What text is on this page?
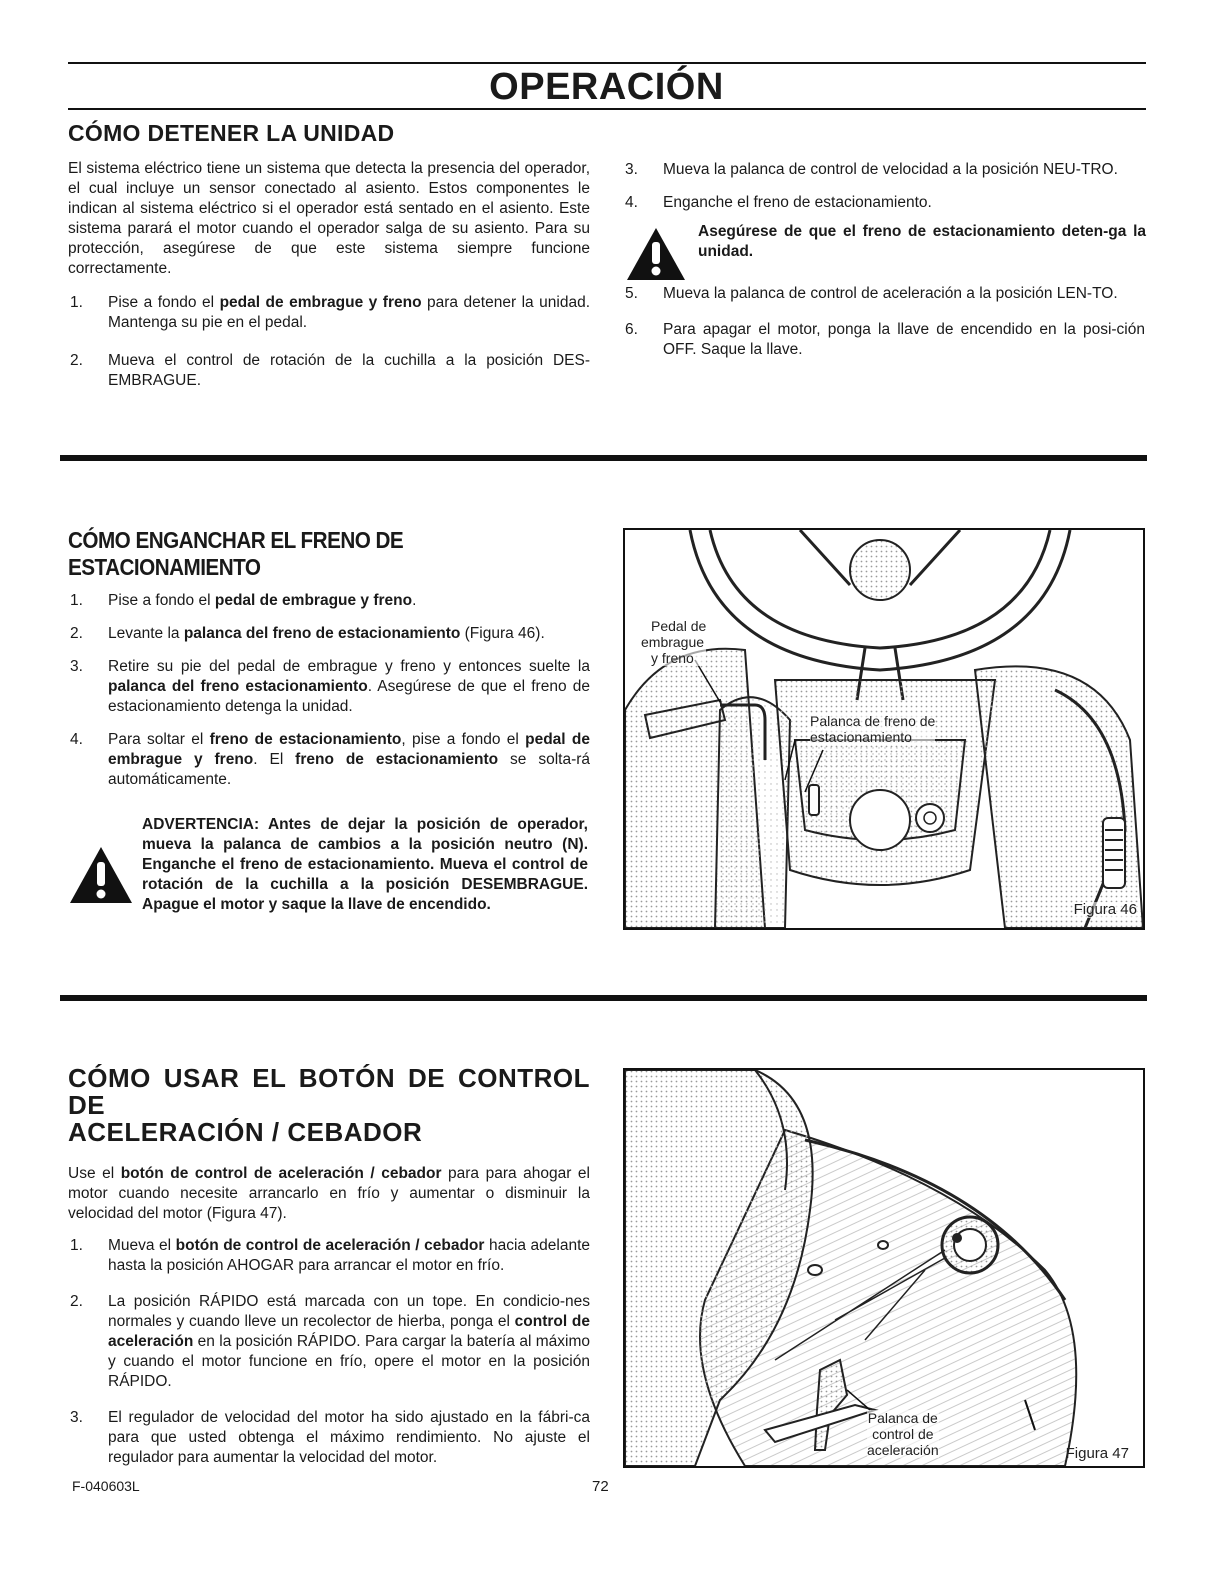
OPERACIÓN
CÓMO DETENER LA UNIDAD

El sistema eléctrico tiene un sistema que detecta la presencia del operador, el cual incluye un sensor conectado al asiento. Estos componentes le indican al sistema eléctrico si el operador está sentado en el asiento. Este sistema parará el motor cuando el operador salga de su asiento. Para su protección, asegúrese de que este sistema siempre funcione correctamente.

1. Pise a fondo el pedal de embrague y freno para detener la unidad. Mantenga su pie en el pedal.
2. Mueva el control de rotación de la cuchilla a la posición DES-EMBRAGUE.
3. Mueva la palanca de control de velocidad a la posición NEU-TRO.
4. Enganche el freno de estacionamiento.
Asegúrese de que el freno de estacionamiento deten-ga la unidad.
5. Mueva la palanca de control de aceleración a la posición LEN-TO.
6. Para apagar el motor, ponga la llave de encendido en la posi-ción OFF. Saque la llave.
CÓMO ENGANCHAR EL FRENO DE ESTACIONAMIENTO
1. Pise a fondo el pedal de embrague y freno.
2. Levante la palanca del freno de estacionamiento (Figura 46).
3. Retire su pie del pedal de embrague y freno y entonces suelte la palanca del freno estacionamiento. Asegúrese de que el freno de estacionamiento detenga la unidad.
4. Para soltar el freno de estacionamiento, pise a fondo el pedal de embrague y freno. El freno de estacionamiento se solta-rá automáticamente.
ADVERTENCIA: Antes de dejar la posición de operador, mueva la palanca de cambios a la posición neutro (N). Enganche el freno de estacionamiento. Mueva el control de rotación de la cuchilla a la posición DESEMBRAGUE. Apague el motor y saque la llave de encendido.
Pedal de
embrague
y freno
Palanca de freno de
estacionamiento
Figura 46
CÓMO USAR EL BOTÓN DE CONTROL DE
ACELERACIÓN / CEBADOR

Use el botón de control de aceleración / cebador para para ahogar el motor cuando necesite arrancarlo en frío y aumentar o disminuir la velocidad del motor (Figura 47).

1. Mueva el botón de control de aceleración / cebador hacia adelante hasta la posición AHOGAR para arrancar el motor en frío.
2. La posición RÁPIDO está marcada con un tope. En condicio-nes normales y cuando lleve un recolector de hierba, ponga el control de aceleración en la posición RÁPIDO. Para cargar la batería al máximo y cuando el motor funcione en frío, opere el motor en la posición RÁPIDO.
3. El regulador de velocidad del motor ha sido ajustado en la fábri-ca para que usted obtenga el máximo rendimiento. No ajuste el regulador para aumentar la velocidad del motor.
Palanca de
control de
aceleración	Figura 47
F-040603L	72
